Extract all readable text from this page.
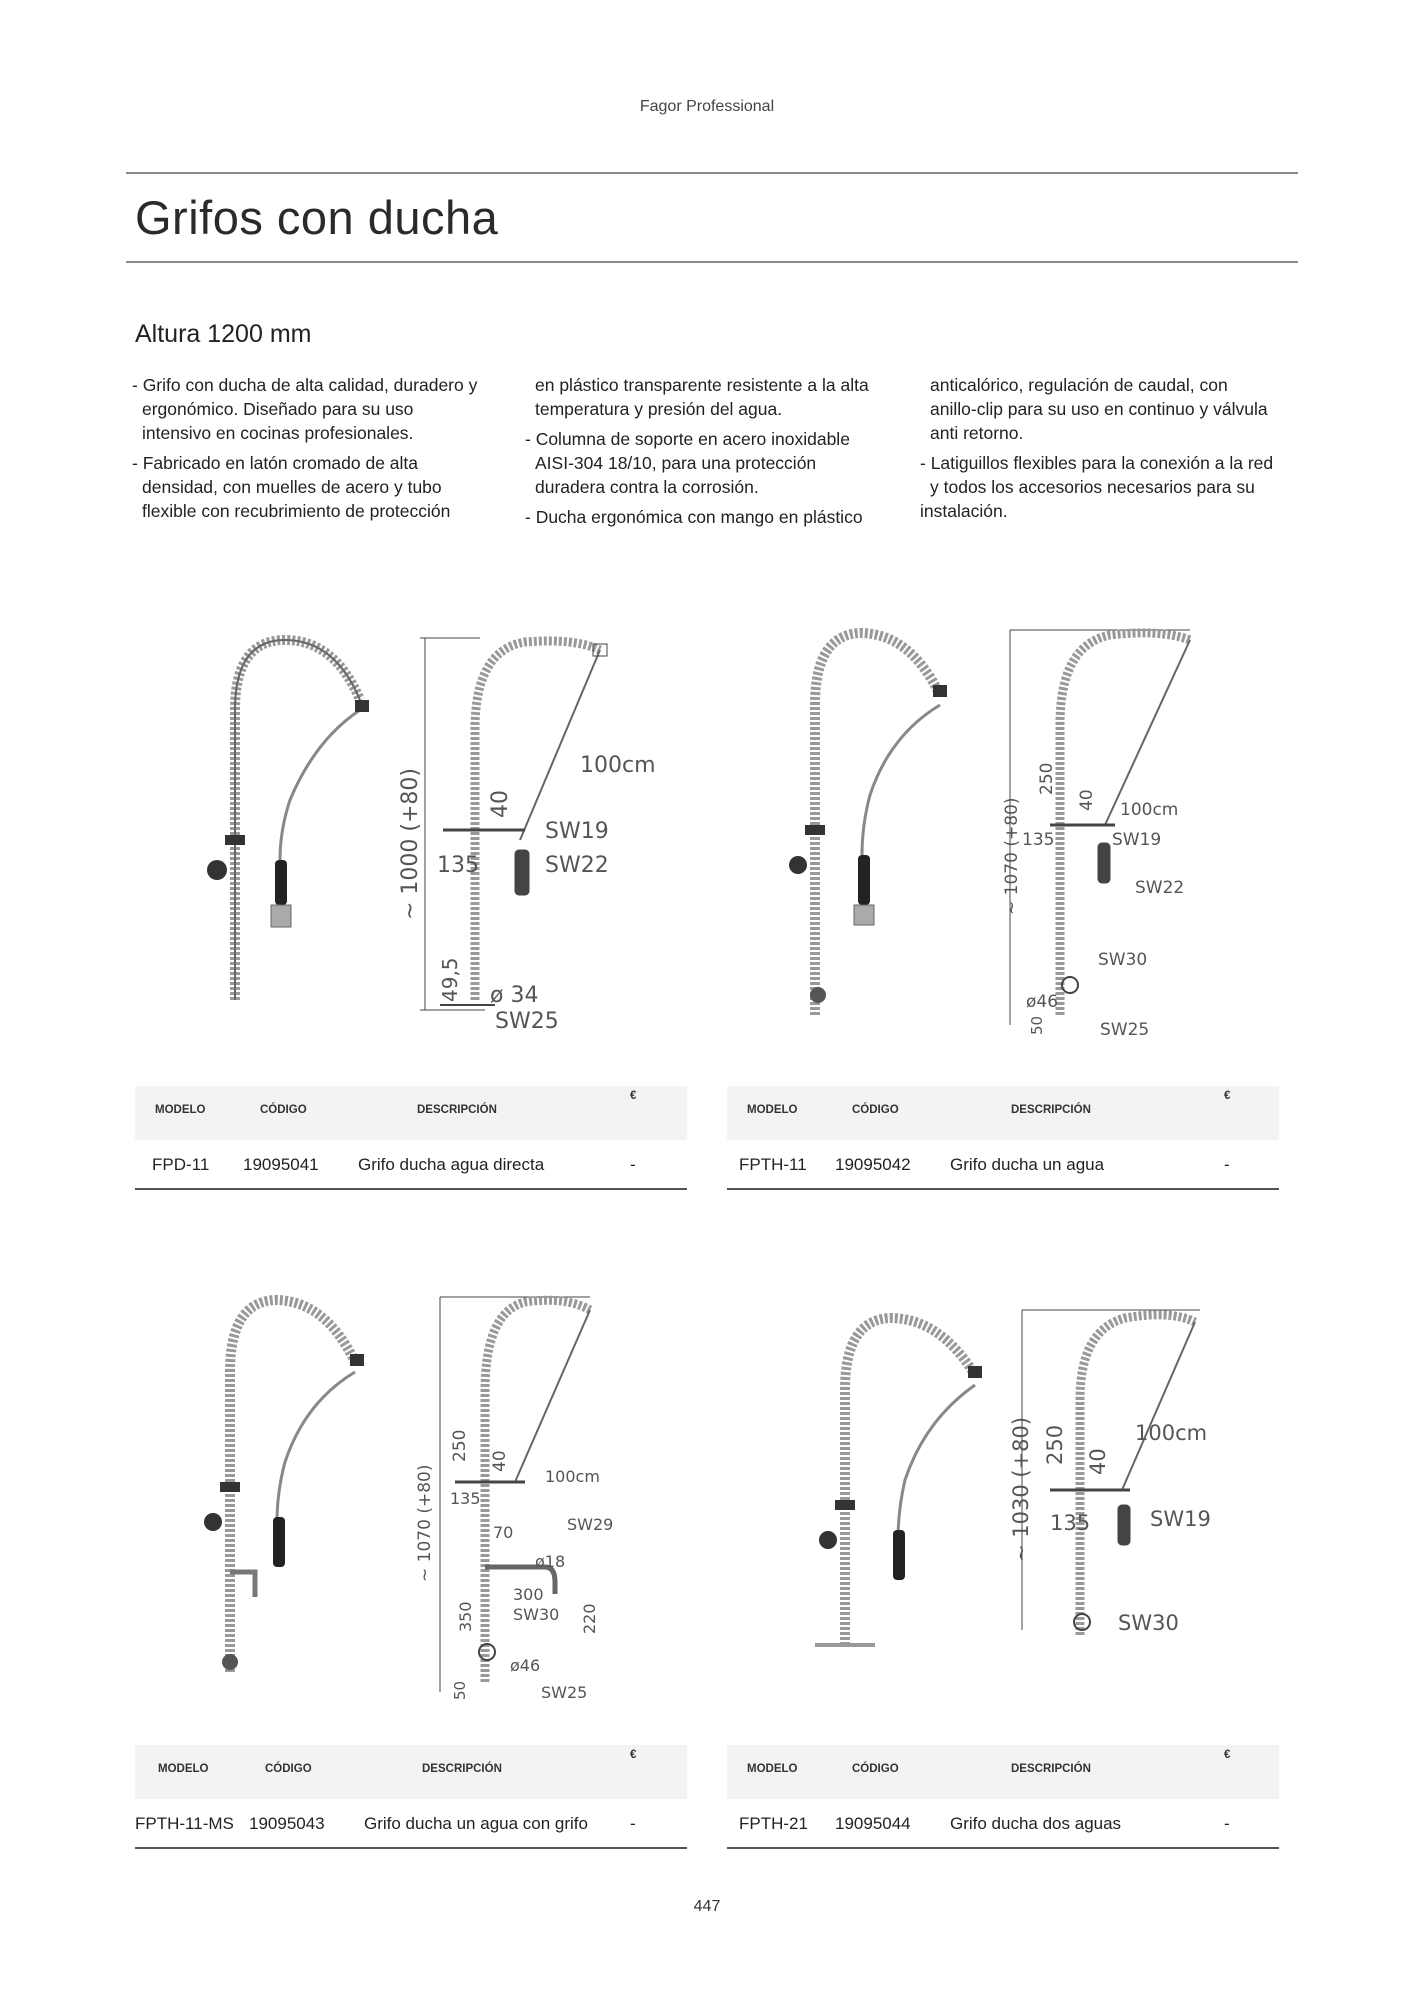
Fagor Professional
Grifos con ducha
Altura 1200 mm

- Grifo con ducha de alta calidad, duradero y

ergonómico. Diseñado para su uso

intensivo en cocinas profesionales.

- Fabricado en latón cromado de alta

densidad, con muelles de acero y tubo

flexible con recubrimiento de protección

en plástico transparente resistente a la alta

temperatura y presión del agua.

- Columna de soporte en acero inoxidable

AISI-304 18/10, para una protección

duradera contra la corrosión.

- Ducha ergonómica con mango en plástico

anticalórico, regulación de caudal, con

anillo-clip para su uso en continuo y válvula

anti retorno.

- Latiguillos flexibles para la conexión a la red

y todos los accesorios necesarios para su

instalación.

~ 1000 (+80)
100cm
40
135
SW19
SW22
49,5 ø 34
SW25
~ 1070 (+80)
250
40 100cm
135	SW19
SW22
SW30
ø46
50	SW25
~ 1070 (+80)
250 40
100cm
135
SW29
70
ø18
350
300
SW30 220
ø46
50	SW25
~ 1030 (+80) 250 40
100cm
135	SW19
SW30
MODELO	CÓDIGO	DESCRIPCIÓN
€
FPD-11 19095041 Grifo ducha agua directa	-
MODELO	CÓDIGO	DESCRIPCIÓN
€
FPTH-11 19095042 Grifo ducha un agua	-
MODELO	CÓDIGO	DESCRIPCIÓN
€
FPTH-11-MS 19095043 Grifo ducha un agua con grifo -
MODELO	CÓDIGO	DESCRIPCIÓN
€
FPTH-21 19095044 Grifo ducha dos aguas	-
447
